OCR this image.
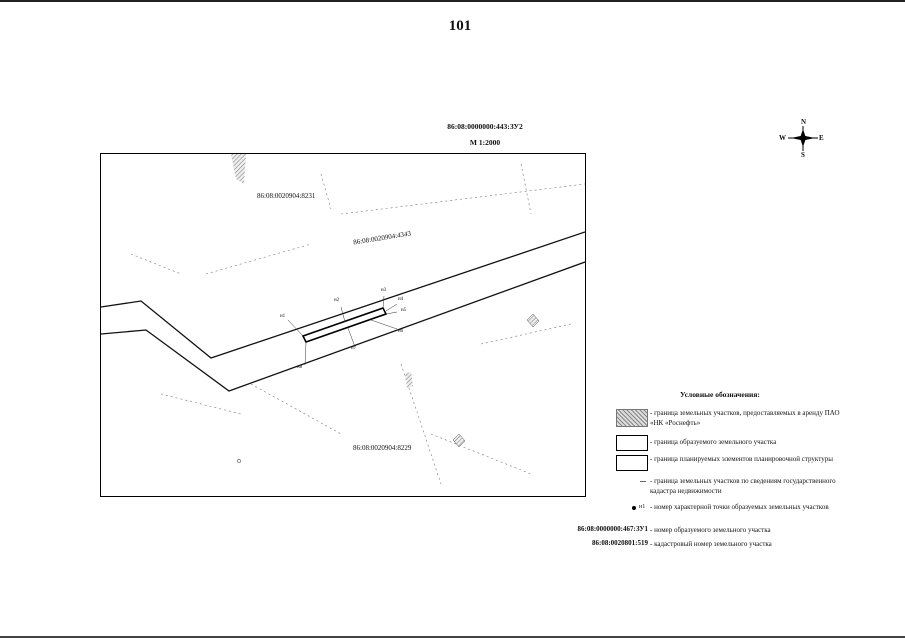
101
86:08:0000000:443:ЗУ2
М 1:2000
N
S
W	E
86:08:0020904:8231
86:08:0020904:4343
86:08:0020904:8229
н1
н2
н3
н4
н5
н6
н7
н8
Условные обозначения:
- граница земельных участков, предоставляемых в аренду ПАО «НК «Роснефть»
- граница образуемого земельного участка
- граница планируемых элементов планировочной структуры
- граница земельных участков по сведениям государственного кадастра недвижимости
н1 - номер характерной точки образуемых земельных участков
86:08:0000000:467:ЗУ1 - номер образуемого земельного участка
86:08:0020801:519 - кадастровый номер земельного участка
